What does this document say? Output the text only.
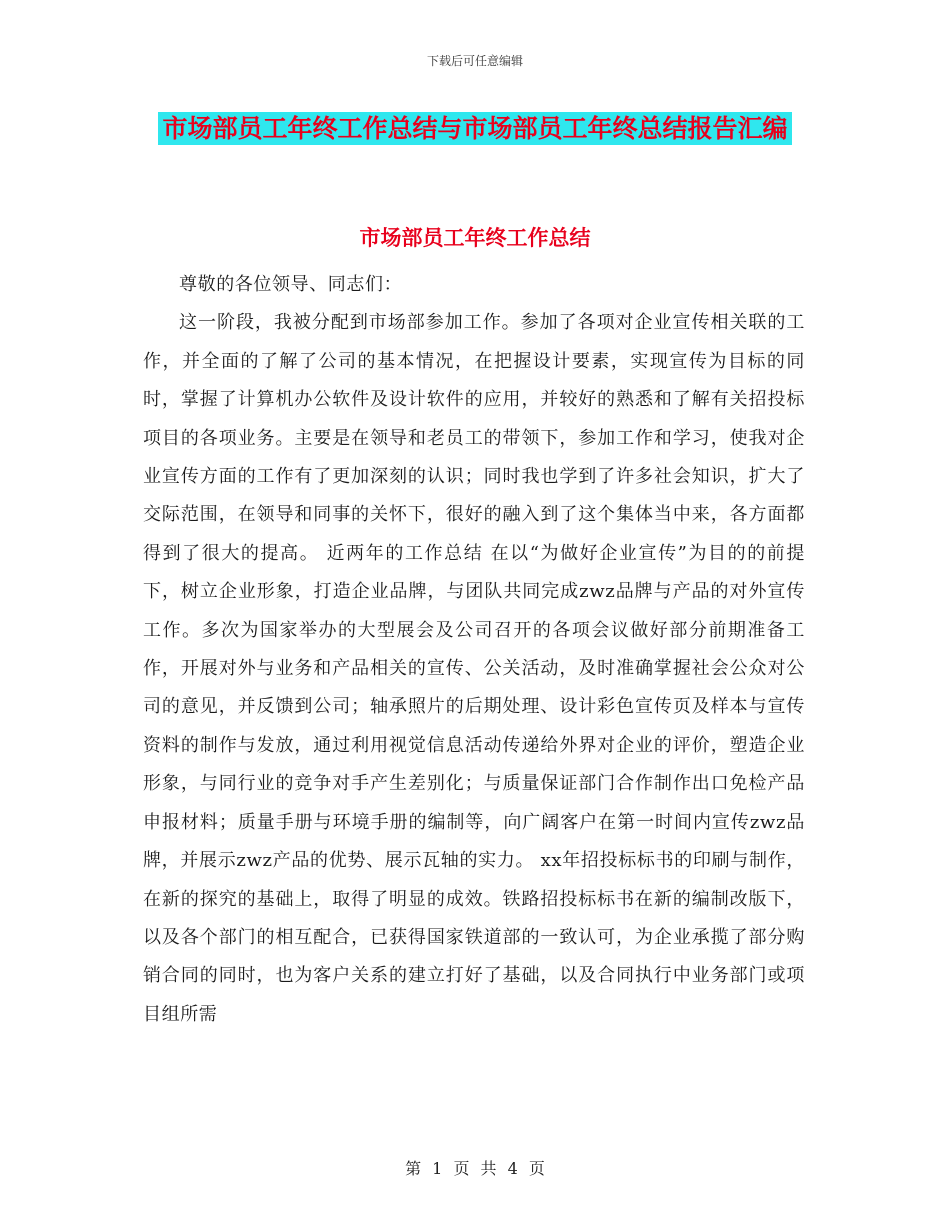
下载后可任意编辑
市场部员工年终工作总结与市场部员工年终总结报告汇编
市场部员工年终工作总结

尊敬的各位领导、同志们：

这一阶段，我被分配到市场部参加工作。参加了各项对企业宣传相关联的工作，并全面的了解了公司的基本情况，在把握设计要素，实现宣传为目标的同时，掌握了计算机办公软件及设计软件的应用，并较好的熟悉和了解有关招投标项目的各项业务。主要是在领导和老员工的带领下，参加工作和学习，使我对企业宣传方面的工作有了更加深刻的认识；同时我也学到了许多社会知识，扩大了交际范围，在领导和同事的关怀下，很好的融入到了这个集体当中来，各方面都得到了很大的提高。 近两年的工作总结 在以“为做好企业宣传”为目的的前提下，树立企业形象，打造企业品牌，与团队共同完成zwz品牌与产品的对外宣传工作。多次为国家举办的大型展会及公司召开的各项会议做好部分前期准备工作，开展对外与业务和产品相关的宣传、公关活动，及时准确掌握社会公众对公司的意见，并反馈到公司；轴承照片的后期处理、设计彩色宣传页及样本与宣传资料的制作与发放，通过利用视觉信息活动传递给外界对企业的评价，塑造企业形象，与同行业的竞争对手产生差别化；与质量保证部门合作制作出口免检产品申报材料；质量手册与环境手册的编制等，向广阔客户在第一时间内宣传zwz品牌，并展示zwz产品的优势、展示瓦轴的实力。 xx年招投标标书的印刷与制作，在新的探究的基础上，取得了明显的成效。铁路招投标标书在新的编制改版下，以及各个部门的相互配合，已获得国家铁道部的一致认可，为企业承揽了部分购销合同的同时，也为客户关系的建立打好了基础，以及合同执行中业务部门或项目组所需

第 1 页 共 4 页
